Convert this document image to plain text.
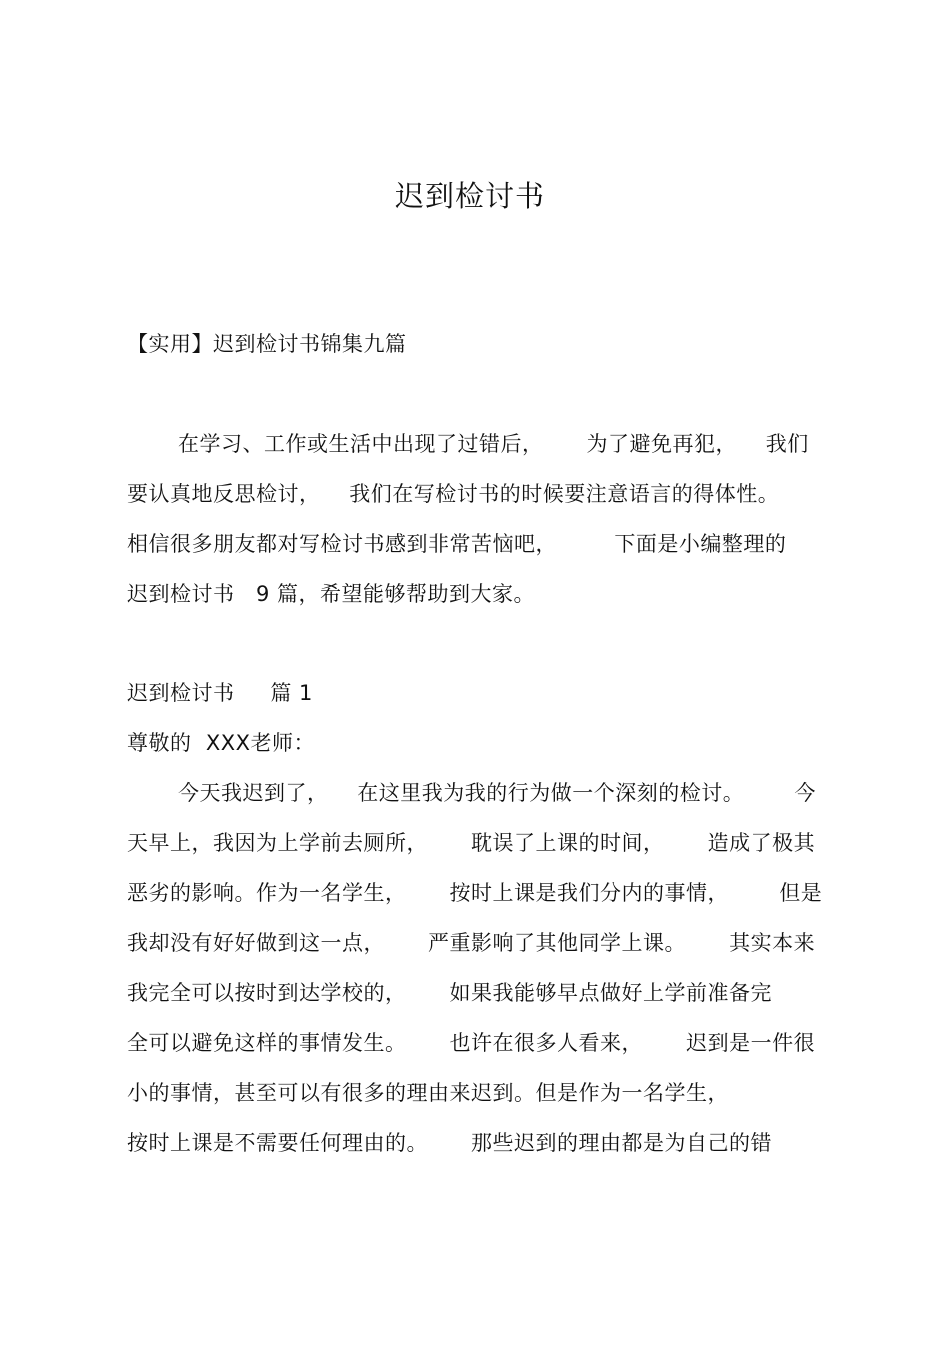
迟到检讨书
【实用】迟到检讨书锦集九篇
在学习、工作或生活中出现了过错后，      为了避免再犯，    我们
要认真地反思检讨，    我们在写检讨书的时候要注意语言的得体性。
相信很多朋友都对写检讨书感到非常苦恼吧，        下面是小编整理的
迟到检讨书   9 篇，希望能够帮助到大家。
迟到检讨书     篇 1
尊敬的  XXX老师：
今天我迟到了，    在这里我为我的行为做一个深刻的检讨。       今
天早上，我因为上学前去厕所，      耽误了上课的时间，      造成了极其
恶劣的影响。作为一名学生，      按时上课是我们分内的事情，       但是
我却没有好好做到这一点，      严重影响了其他同学上课。      其实本来
我完全可以按时到达学校的，      如果我能够早点做好上学前准备完
全可以避免这样的事情发生。      也许在很多人看来，      迟到是一件很
小的事情，甚至可以有很多的理由来迟到。但是作为一名学生，
按时上课是不需要任何理由的。      那些迟到的理由都是为自己的错
